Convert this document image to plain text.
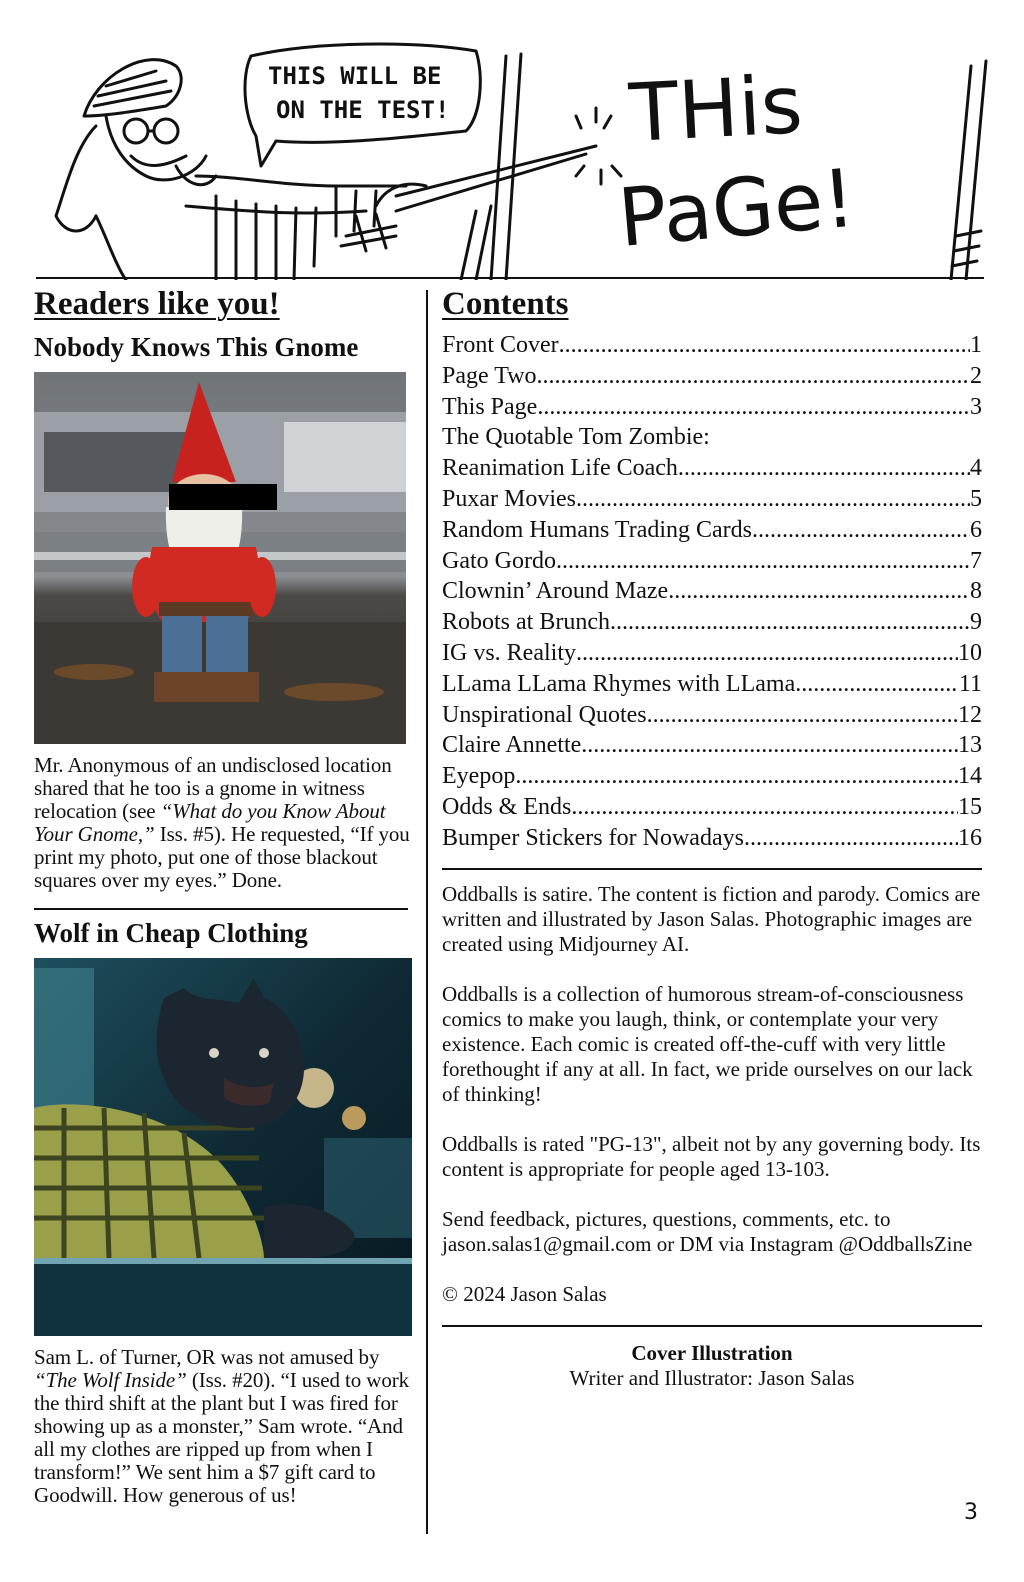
THIS WILL BE
ON THE TEST! THis
PaGe!
Readers like you!
Nobody Knows This Gnome

Mr. Anonymous of an undisclosed location shared that he too is a gnome in witness relocation (see “What do you Know About Your Gnome,” Iss. #5). He requested, “If you print my photo, put one of those blackout squares over my eyes.” Done.

Wolf in Cheap Clothing

Sam L. of Turner, OR was not amused by “The Wolf Inside” (Iss. #20). “I used to work the third shift at the plant but I was fired for showing up as a monster,” Sam wrote. “And all my clothes are ripped up from when I transform!” We sent him a $7 gift card to Goodwill. How generous of us!

Contents
Front Cover .....	1
Page Two .....	2
This Page .....	3
The Quotable Tom Zombie:
Reanimation Life Coach .....	4
Puxar Movies .....	5
Random Humans Trading Cards .....	6
Gato Gordo .....	7
Clownin’ Around Maze .....	8
Robots at Brunch .....	9
IG vs. Reality .....	10
LLama LLama Rhymes with LLama .....	11
Unspirational Quotes .....	12
Claire Annette .....	13
Eyepop .....	14
Odds & Ends .....	15
Bumper Stickers for Nowadays .....	16

Oddballs is satire. The content is fiction and parody. Comics are written and illustrated by Jason Salas. Photographic images are created using Midjourney AI.

Oddballs is a collection of humorous stream-of-consciousness comics to make you laugh, think, or contemplate your very existence. Each comic is created off-the-cuff with very little forethought if any at all. In fact, we pride ourselves on our lack of thinking!

Oddballs is rated "PG-13", albeit not by any governing body. Its content is appropriate for people aged 13-103.

Send feedback, pictures, questions, comments, etc. to jason.salas1@gmail.com or DM via Instagram @OddballsZine

© 2024 Jason Salas

Cover Illustration
Writer and Illustrator: Jason Salas
3
